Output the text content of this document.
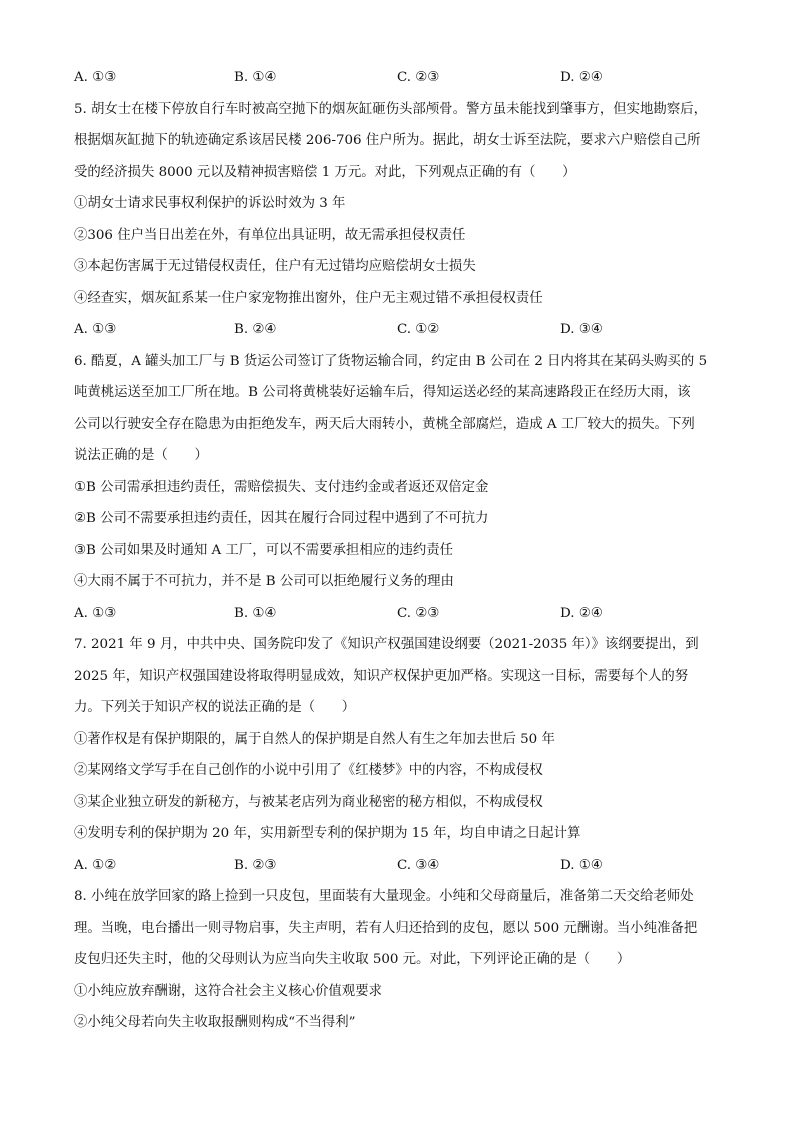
A. ①③	B. ①④	C. ②③	D. ②④
5. 胡女士在楼下停放自行车时被高空抛下的烟灰缸砸伤头部颅骨。警方虽未能找到肇事方，但实地勘察后，
根据烟灰缸抛下的轨迹确定系该居民楼 206-706 住户所为。据此，胡女士诉至法院，要求六户赔偿自己所
受的经济损失 8000 元以及精神损害赔偿 1 万元。对此，下列观点正确的有（　　）
①胡女士请求民事权利保护的诉讼时效为 3 年
②306 住户当日出差在外，有单位出具证明，故无需承担侵权责任
③本起伤害属于无过错侵权责任，住户有无过错均应赔偿胡女士损失
④经查实，烟灰缸系某一住户家宠物推出窗外，住户无主观过错不承担侵权责任
A. ①③	B. ②④	C. ①②	D. ③④
6. 酷夏，A 罐头加工厂与 B 货运公司签订了货物运输合同，约定由 B 公司在 2 日内将其在某码头购买的 5
吨黄桃运送至加工厂所在地。B 公司将黄桃装好运输车后，得知运送必经的某高速路段正在经历大雨，该
公司以行驶安全存在隐患为由拒绝发车，两天后大雨转小，黄桃全部腐烂，造成 A 工厂较大的损失。下列
说法正确的是（　　）
①B 公司需承担违约责任，需赔偿损失、支付违约金或者返还双倍定金
②B 公司不需要承担违约责任，因其在履行合同过程中遇到了不可抗力
③B 公司如果及时通知 A 工厂，可以不需要承担相应的违约责任
④大雨不属于不可抗力，并不是 B 公司可以拒绝履行义务的理由
A. ①③	B. ①④	C. ②③	D. ②④
7. 2021 年 9 月，中共中央、国务院印发了《知识产权强国建设纲要（2021-2035 年）》该纲要提出，到
2025 年，知识产权强国建设将取得明显成效，知识产权保护更加严格。实现这一目标，需要每个人的努
力。下列关于知识产权的说法正确的是（　　）
①著作权是有保护期限的，属于自然人的保护期是自然人有生之年加去世后 50 年
②某网络文学写手在自己创作的小说中引用了《红楼梦》中的内容，不构成侵权
③某企业独立研发的新秘方，与被某老店列为商业秘密的秘方相似，不构成侵权
④发明专利的保护期为 20 年，实用新型专利的保护期为 15 年，均自申请之日起计算
A. ①②	B. ②③	C. ③④	D. ①④
8. 小纯在放学回家的路上捡到一只皮包，里面装有大量现金。小纯和父母商量后，准备第二天交给老师处
理。当晚，电台播出一则寻物启事，失主声明，若有人归还拾到的皮包，愿以 500 元酬谢。当小纯准备把
皮包归还失主时，他的父母则认为应当向失主收取 500 元。对此，下列评论正确的是（　　）
①小纯应放弃酬谢，这符合社会主义核心价值观要求
②小纯父母若向失主收取报酬则构成“不当得利”
